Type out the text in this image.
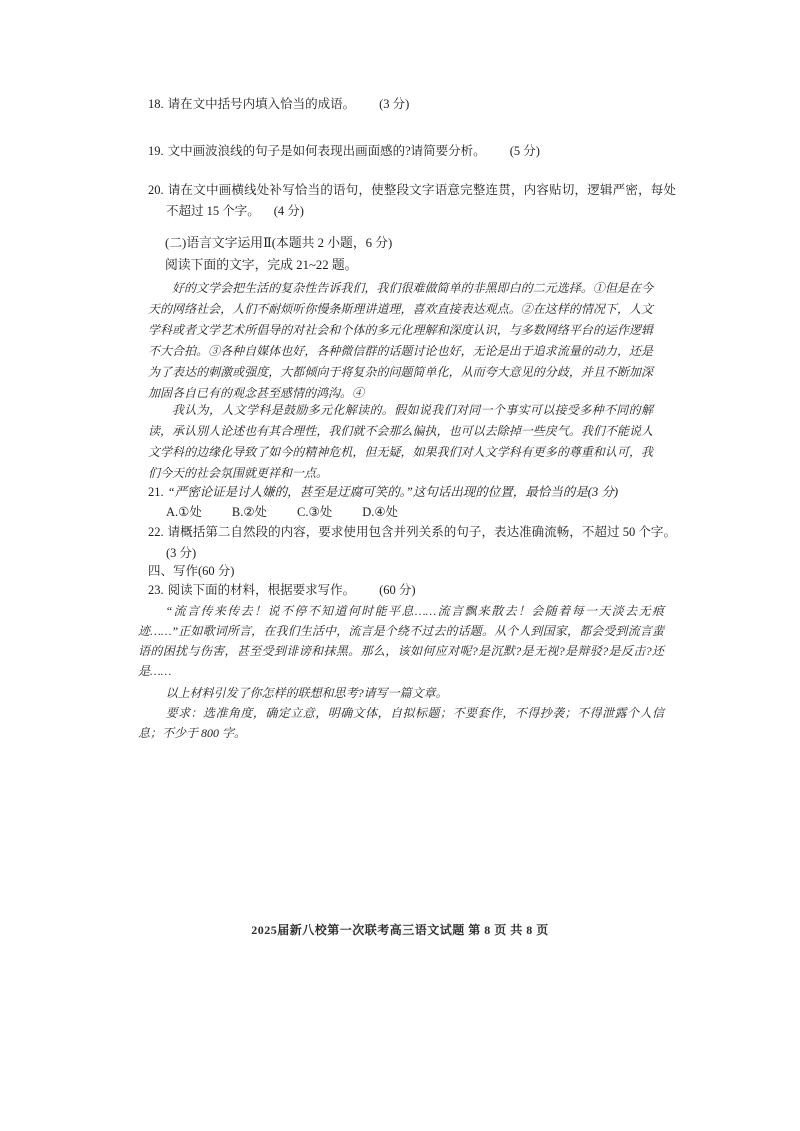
18. 请在文中括号内填入恰当的成语。 (3 分)
19. 文中画波浪线的句子是如何表现出画面感的?请简要分析。 (5 分)
20. 请在文中画横线处补写恰当的语句，使整段文字语意完整连贯，内容贴切，逻辑严密，每处不超过 15 个字。 (4 分)
(二)语言文字运用Ⅱ(本题共 2 小题，6 分)
阅读下面的文字，完成 21~22 题。
好的文学会把生活的复杂性告诉我们，我们很难做简单的非黑即白的二元选择。①但是在今天的网络社会，人们不耐烦听你慢条斯理讲道理，喜欢直接表达观点。②在这样的情况下，人文学科或者文学艺术所倡导的对社会和个体的多元化理解和深度认识，与多数网络平台的运作逻辑不大合拍。③各种自媒体也好，各种微信群的话题讨论也好，无论是出于追求流量的动力，还是为了表达的刺激或强度，大都倾向于将复杂的问题简单化，从而夸大意见的分歧，并且不断加深加固各自已有的观念甚至感情的鸿沟。④
我认为，人文学科是鼓励多元化解读的。假如说我们对同一个事实可以接受多种不同的解读，承认别人论述也有其合理性，我们就不会那么偏执，也可以去除掉一些戾气。我们不能说人文学科的边缘化导致了如今的精神危机，但无疑，如果我们对人文学科有更多的尊重和认可，我们今天的社会氛围就更祥和一点。
21. “严密论证是讨人嫌的，甚至是迂腐可笑的。”这句话出现的位置，最恰当的是(3 分)
A.①处 B.②处 C.③处 D.④处
22. 请概括第二自然段的内容，要求使用包含并列关系的句子，表达准确流畅，不超过 50 个字。(3 分)
四、写作(60 分)
23. 阅读下面的材料，根据要求写作。 (60 分)
“流言传来传去！说不停不知道何时能平息……流言飘来散去！会随着每一天淡去无痕迹……”正如歌词所言，在我们生活中，流言是个绕不过去的话题。从个人到国家，都会受到流言蜚语的困扰与伤害，甚至受到诽谤和抹黑。那么，该如何应对呢?是沉默?是无视?是辩驳?是反击?还是……
以上材料引发了你怎样的联想和思考?请写一篇文章。
要求：选准角度，确定立意，明确文体，自拟标题；不要套作，不得抄袭；不得泄露个人信息；不少于 800 字。
2025届新八校第一次联考高三语文试题 第 8 页 共 8 页
